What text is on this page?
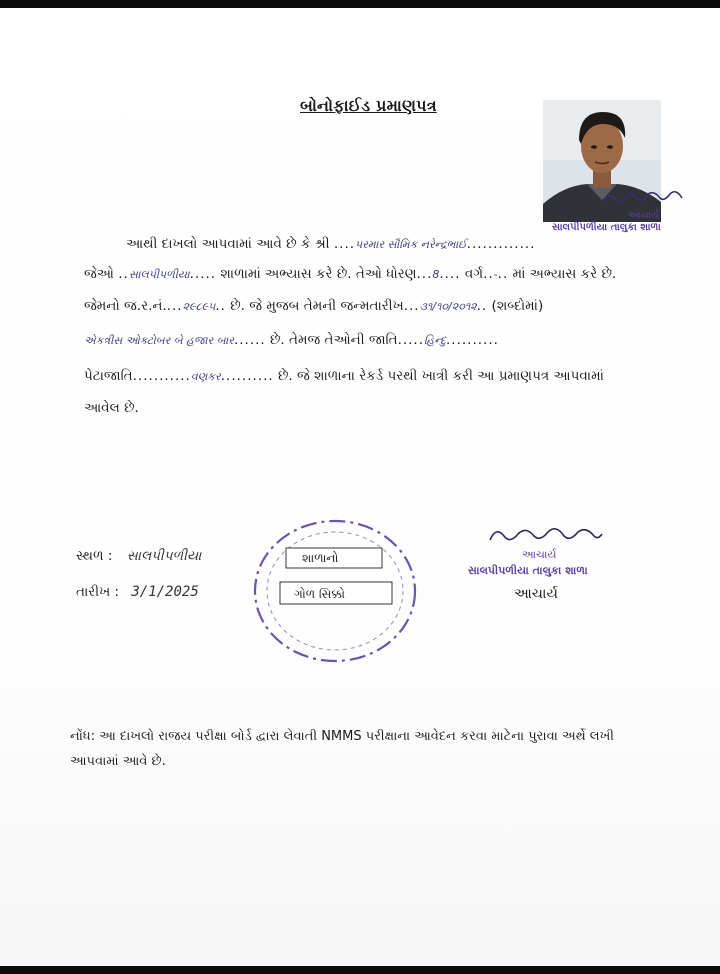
બોનોફાઈડ પ્રમાણપત્ર
આચાર્ય
સાલપીપળીયા તાલુકા શાળા
આથી દાખલો આપવામાં આવે છે કે શ્રી ....પરમાર સૌમિક નરેન્દ્રભાઈ.............
જેઓ ..સાલપીપળીયા..... શાળામાં અભ્યાસ કરે છે. તેઓ ધોરણ...8.... વર્ગ..-.. માં અભ્યાસ કરે છે.
જેમનો જ.ર.નં....૨૯૮૯૫.. છે. જે મુજબ તેમની જન્મતારીખ...૩૧/૧૦/૨૦૧૨.. (શબ્દોમાં)
એકત્રીસ ઓક્ટોબર બે હજાર બાર...... છે. તેમજ તેઓની જાતિ.....હિન્દુ..........
પેટાજાતિ...........વણકર.......... છે. જે શાળાના રેકર્ડ પરથી ખાત્રી કરી આ પ્રમાણપત્ર આપવામાં
આવેલ છે.
સ્થળ : સાલપીપળીયા
તારીખ : 3/1/2025
શાળાનો
ગોળ સિક્કો
આચાર્ય
સાલપીપળીયા તાલુકા શાળા
આચાર્ય
નોંધ: આ દાખલો રાજય પરીક્ષા બોર્ડ દ્વારા લેવાતી NMMS પરીક્ષાના આવેદન કરવા માટેના પુરાવા અર્થે લખી આપવામાં આવે છે.
